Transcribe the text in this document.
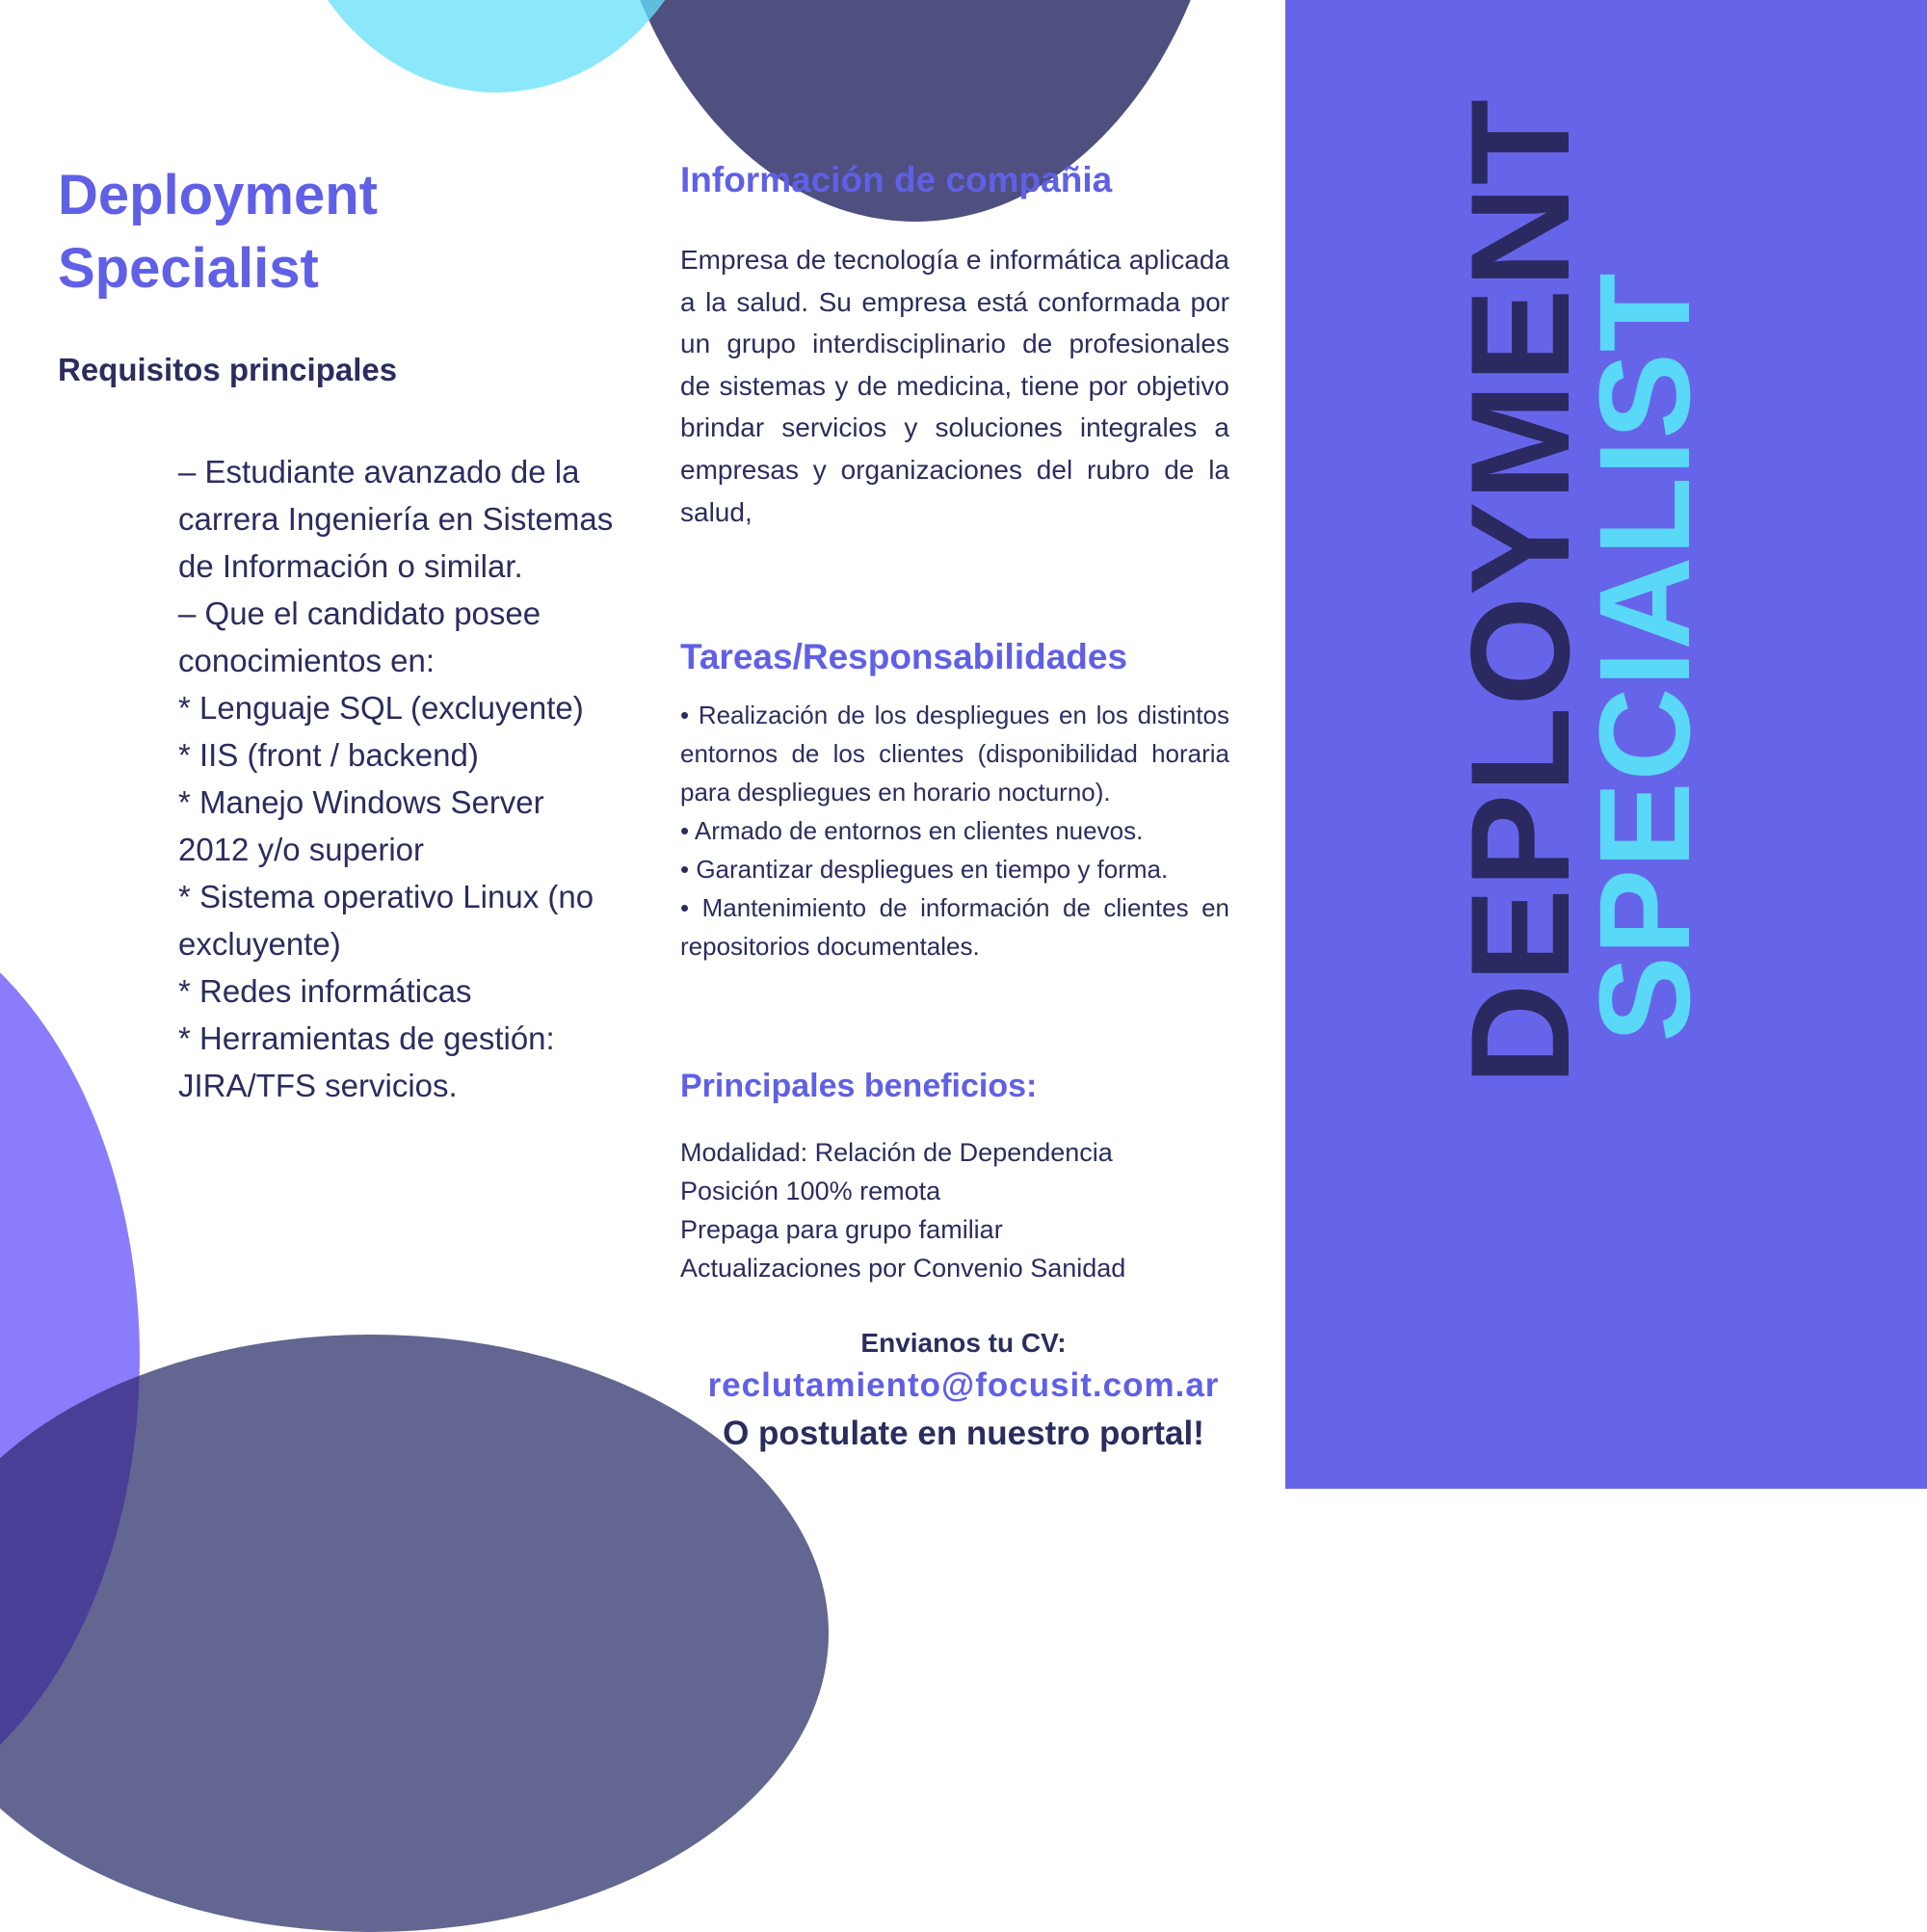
DEPLOYMENT
SPECIALIST
Deployment Specialist
Requisitos principales
– Estudiante avanzado de la carrera Ingeniería en Sistemas de Información o similar.
– Que el candidato posee conocimientos en:
* Lenguaje SQL (excluyente)
* IIS (front / backend)
* Manejo Windows Server 2012 y/o superior
* Sistema operativo Linux (no excluyente)
* Redes informáticas
* Herramientas de gestión: JIRA/TFS servicios.
Información de compañia

Empresa de tecnología e informática aplicada a la salud. Su empresa está conformada por un grupo interdisciplinario de profesionales de sistemas y de medicina, tiene por objetivo brindar servicios y soluciones integrales a empresas y organizaciones del rubro de la salud,

Tareas/Responsabilidades
• Realización de los despliegues en los distintos entornos de los clientes (disponibilidad horaria para despliegues en horario nocturno).
• Armado de entornos en clientes nuevos.
• Garantizar despliegues en tiempo y forma.
• Mantenimiento de información de clientes en repositorios documentales.
Principales beneficios:
Modalidad: Relación de Dependencia
Posición 100% remota
Prepaga para grupo familiar
Actualizaciones por Convenio Sanidad

Envianos tu CV:

reclutamiento@focusit.com.ar

O postulate en nuestro portal!
